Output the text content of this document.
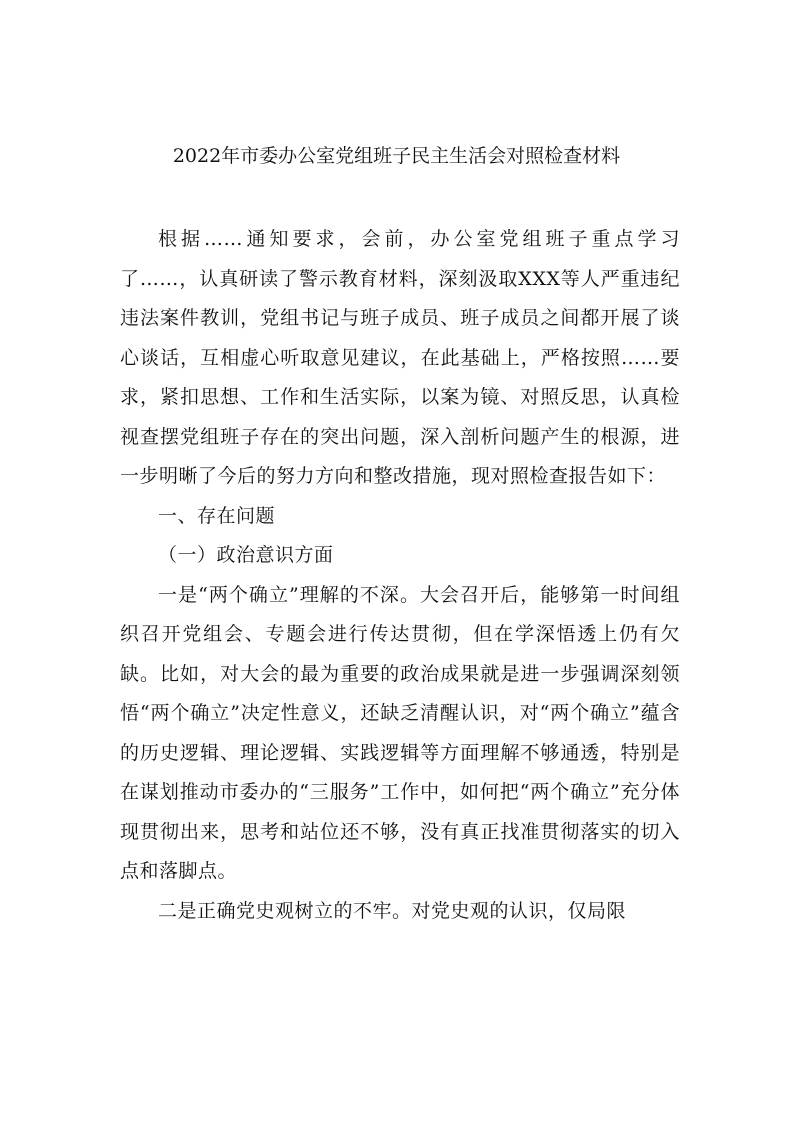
2022年市委办公室党组班子民主生活会对照检查材料

根据……通知要求，会前，办公室党组班子重点学习了……，认真研读了警示教育材料，深刻汲取XXX等人严重违纪违法案件教训，党组书记与班子成员、班子成员之间都开展了谈心谈话，互相虚心听取意见建议，在此基础上，严格按照……要求，紧扣思想、工作和生活实际，以案为镜、对照反思，认真检视查摆党组班子存在的突出问题，深入剖析问题产生的根源，进一步明晰了今后的努力方向和整改措施，现对照检查报告如下：

一、存在问题

（一）政治意识方面

一是“两个确立”理解的不深。大会召开后，能够第一时间组织召开党组会、专题会进行传达贯彻，但在学深悟透上仍有欠缺。比如，对大会的最为重要的政治成果就是进一步强调深刻领悟“两个确立”决定性意义，还缺乏清醒认识，对“两个确立”蕴含的历史逻辑、理论逻辑、实践逻辑等方面理解不够通透，特别是在谋划推动市委办的“三服务”工作中，如何把“两个确立”充分体现贯彻出来，思考和站位还不够，没有真正找准贯彻落实的切入点和落脚点。

二是正确党史观树立的不牢。对党史观的认识，仅局限
